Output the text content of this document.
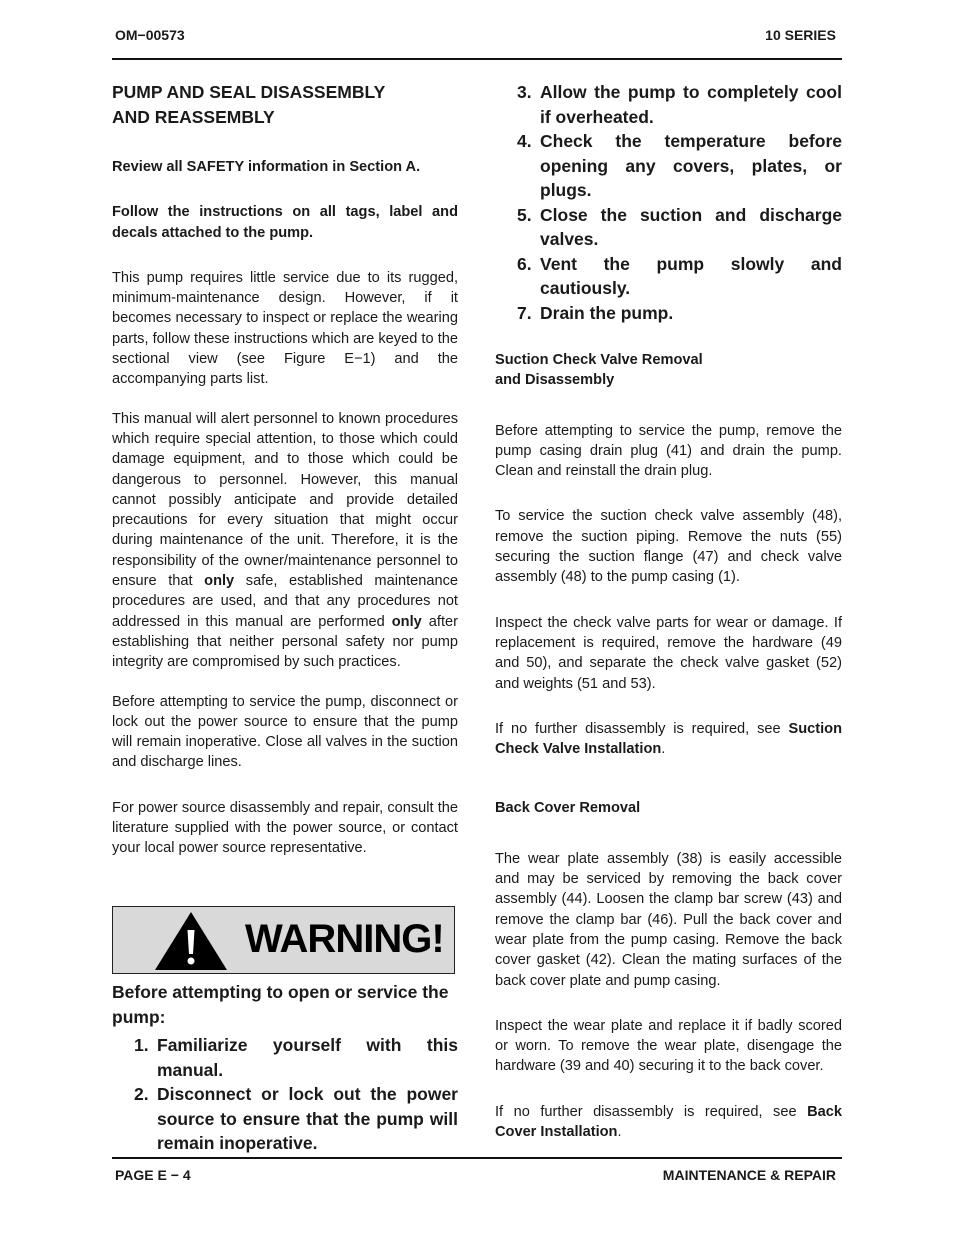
OM−00573	10 SERIES

PUMP AND SEAL DISASSEMBLY
AND REASSEMBLY

Review all SAFETY information in Section A.

Follow the instructions on all tags, label and decals attached to the pump.

This pump requires little service due to its rugged, minimum-maintenance design. However, if it becomes necessary to inspect or replace the wearing parts, follow these instructions which are keyed to the sectional view (see Figure E−1) and the accompanying parts list.

This manual will alert personnel to known procedures which require special attention, to those which could damage equipment, and to those which could be dangerous to personnel. However, this manual cannot possibly anticipate and provide detailed precautions for every situation that might occur during maintenance of the unit. Therefore, it is the responsibility of the owner/maintenance personnel to ensure that only safe, established maintenance procedures are used, and that any procedures not addressed in this manual are performed only after establishing that neither personal safety nor pump integrity are compromised by such practices.

Before attempting to service the pump, disconnect or lock out the power source to ensure that the pump will remain inoperative. Close all valves in the suction and discharge lines.

For power source disassembly and repair, consult the literature supplied with the power source, or contact your local power source representative.

WARNING!

Before attempting to open or service the pump:

1. Familiarize yourself with this manual.
2. Disconnect or lock out the power source to ensure that the pump will remain inoperative.
3. Allow the pump to completely cool if overheated.
4. Check the temperature before opening any covers, plates, or plugs.
5. Close the suction and discharge valves.
6. Vent the pump slowly and cautiously.
7. Drain the pump.

Suction Check Valve Removal
and Disassembly

Before attempting to service the pump, remove the pump casing drain plug (41) and drain the pump. Clean and reinstall the drain plug.

To service the suction check valve assembly (48), remove the suction piping. Remove the nuts (55) securing the suction flange (47) and check valve assembly (48) to the pump casing (1).

Inspect the check valve parts for wear or damage. If replacement is required, remove the hardware (49 and 50), and separate the check valve gasket (52) and weights (51 and 53).

If no further disassembly is required, see Suction Check Valve Installation.

Back Cover Removal

The wear plate assembly (38) is easily accessible and may be serviced by removing the back cover assembly (44). Loosen the clamp bar screw (43) and remove the clamp bar (46). Pull the back cover and wear plate from the pump casing. Remove the back cover gasket (42). Clean the mating surfaces of the back cover plate and pump casing.

Inspect the wear plate and replace it if badly scored or worn. To remove the wear plate, disengage the hardware (39 and 40) securing it to the back cover.

If no further disassembly is required, see Back Cover Installation.

PAGE E − 4	MAINTENANCE & REPAIR
